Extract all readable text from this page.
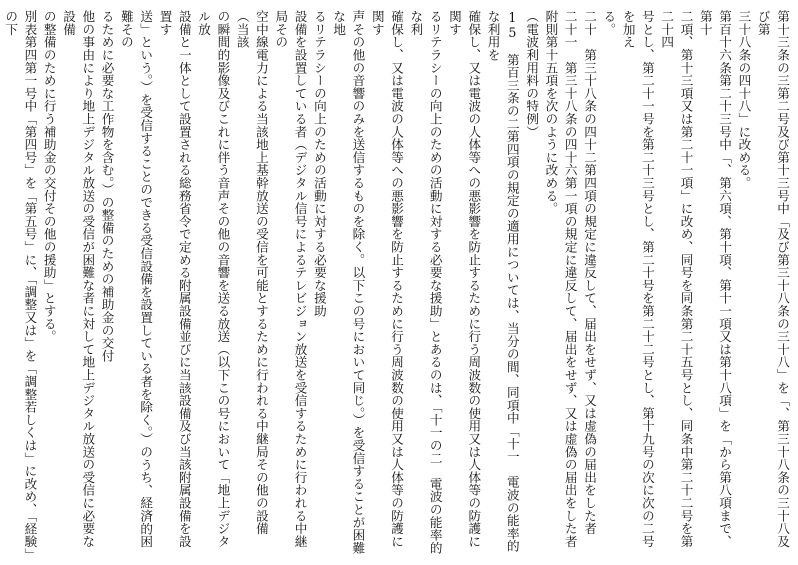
第十三条の三第二号及び第十三号中「及び第三十八条の三十八」を「、第三十八条の三十八及び第
三十八条の四十八」に改める。
第百十六条第二十三号中「、第六項、第十項、第十一項又は第十八項」を「から第八項まで、第十
二項、第十三項又は第二十一項」に改め、同号を同条第二十五号とし、同条中第二十二号を第二十四
号とし、第二十一号を第二十三号とし、第二十号を第二十二号とし、第十九号の次に次の二号を加え
る。
二十　第三十八条の四十二第四項の規定に違反して、届出をせず、又は虚偽の届出をした者
二十一　第三十八条の四十六第一項の規定に違反して、届出をせず、又は虚偽の届出をした者
附則第十五項を次のように改める。
（電波利用料の特例）
15　第百三条の二第四項の規定の適用については、当分の間、同項中「十一　電波の能率的な利用を
確保し、又は電波の人体等への悪影響を防止するために行う周波数の使用又は人体等の防護に関す
るリテラシーの向上のための活動に対する必要な援助」とあるのは、「十一の二　電波の能率的な利
確保し、又は電波の人体等への悪影響を防止するために行う周波数の使用又は人体等の防護に関す
声その他の音響のみを送信するものを除く。以下この号において同じ。）を受信することが困難な地
るリテラシーの向上のための活動に対する必要な援助
設備を設置している者（デジタル信号によるテレビジョン放送を受信するために行われる中継局その
空中線電力による当該地上基幹放送の受信を可能とするために行われる中継局その他の設備（当該
の瞬間的影像及びこれに伴う音声その他の音響を送る放送（以下この号において「地上デジタル放
設備と一体として設置される総務省令で定める附属設備並びに当該設備及び当該附属設備を設置す
送」という。）を受信することのできる受信設備を設置している者を除く。）のうち、経済的困難その
るために必要な工作物を含む。）の整備のための補助金の交付
他の事由により地上デジタル放送の受信が困難な者に対して地上デジタル放送の受信に必要な設備
の整備のために行う補助金の交付その他の援助」とする。
別表第四第一号中「第四号」を「第五号」に、「調整又は」を「調整若しくは」に改め、「経験」の下
